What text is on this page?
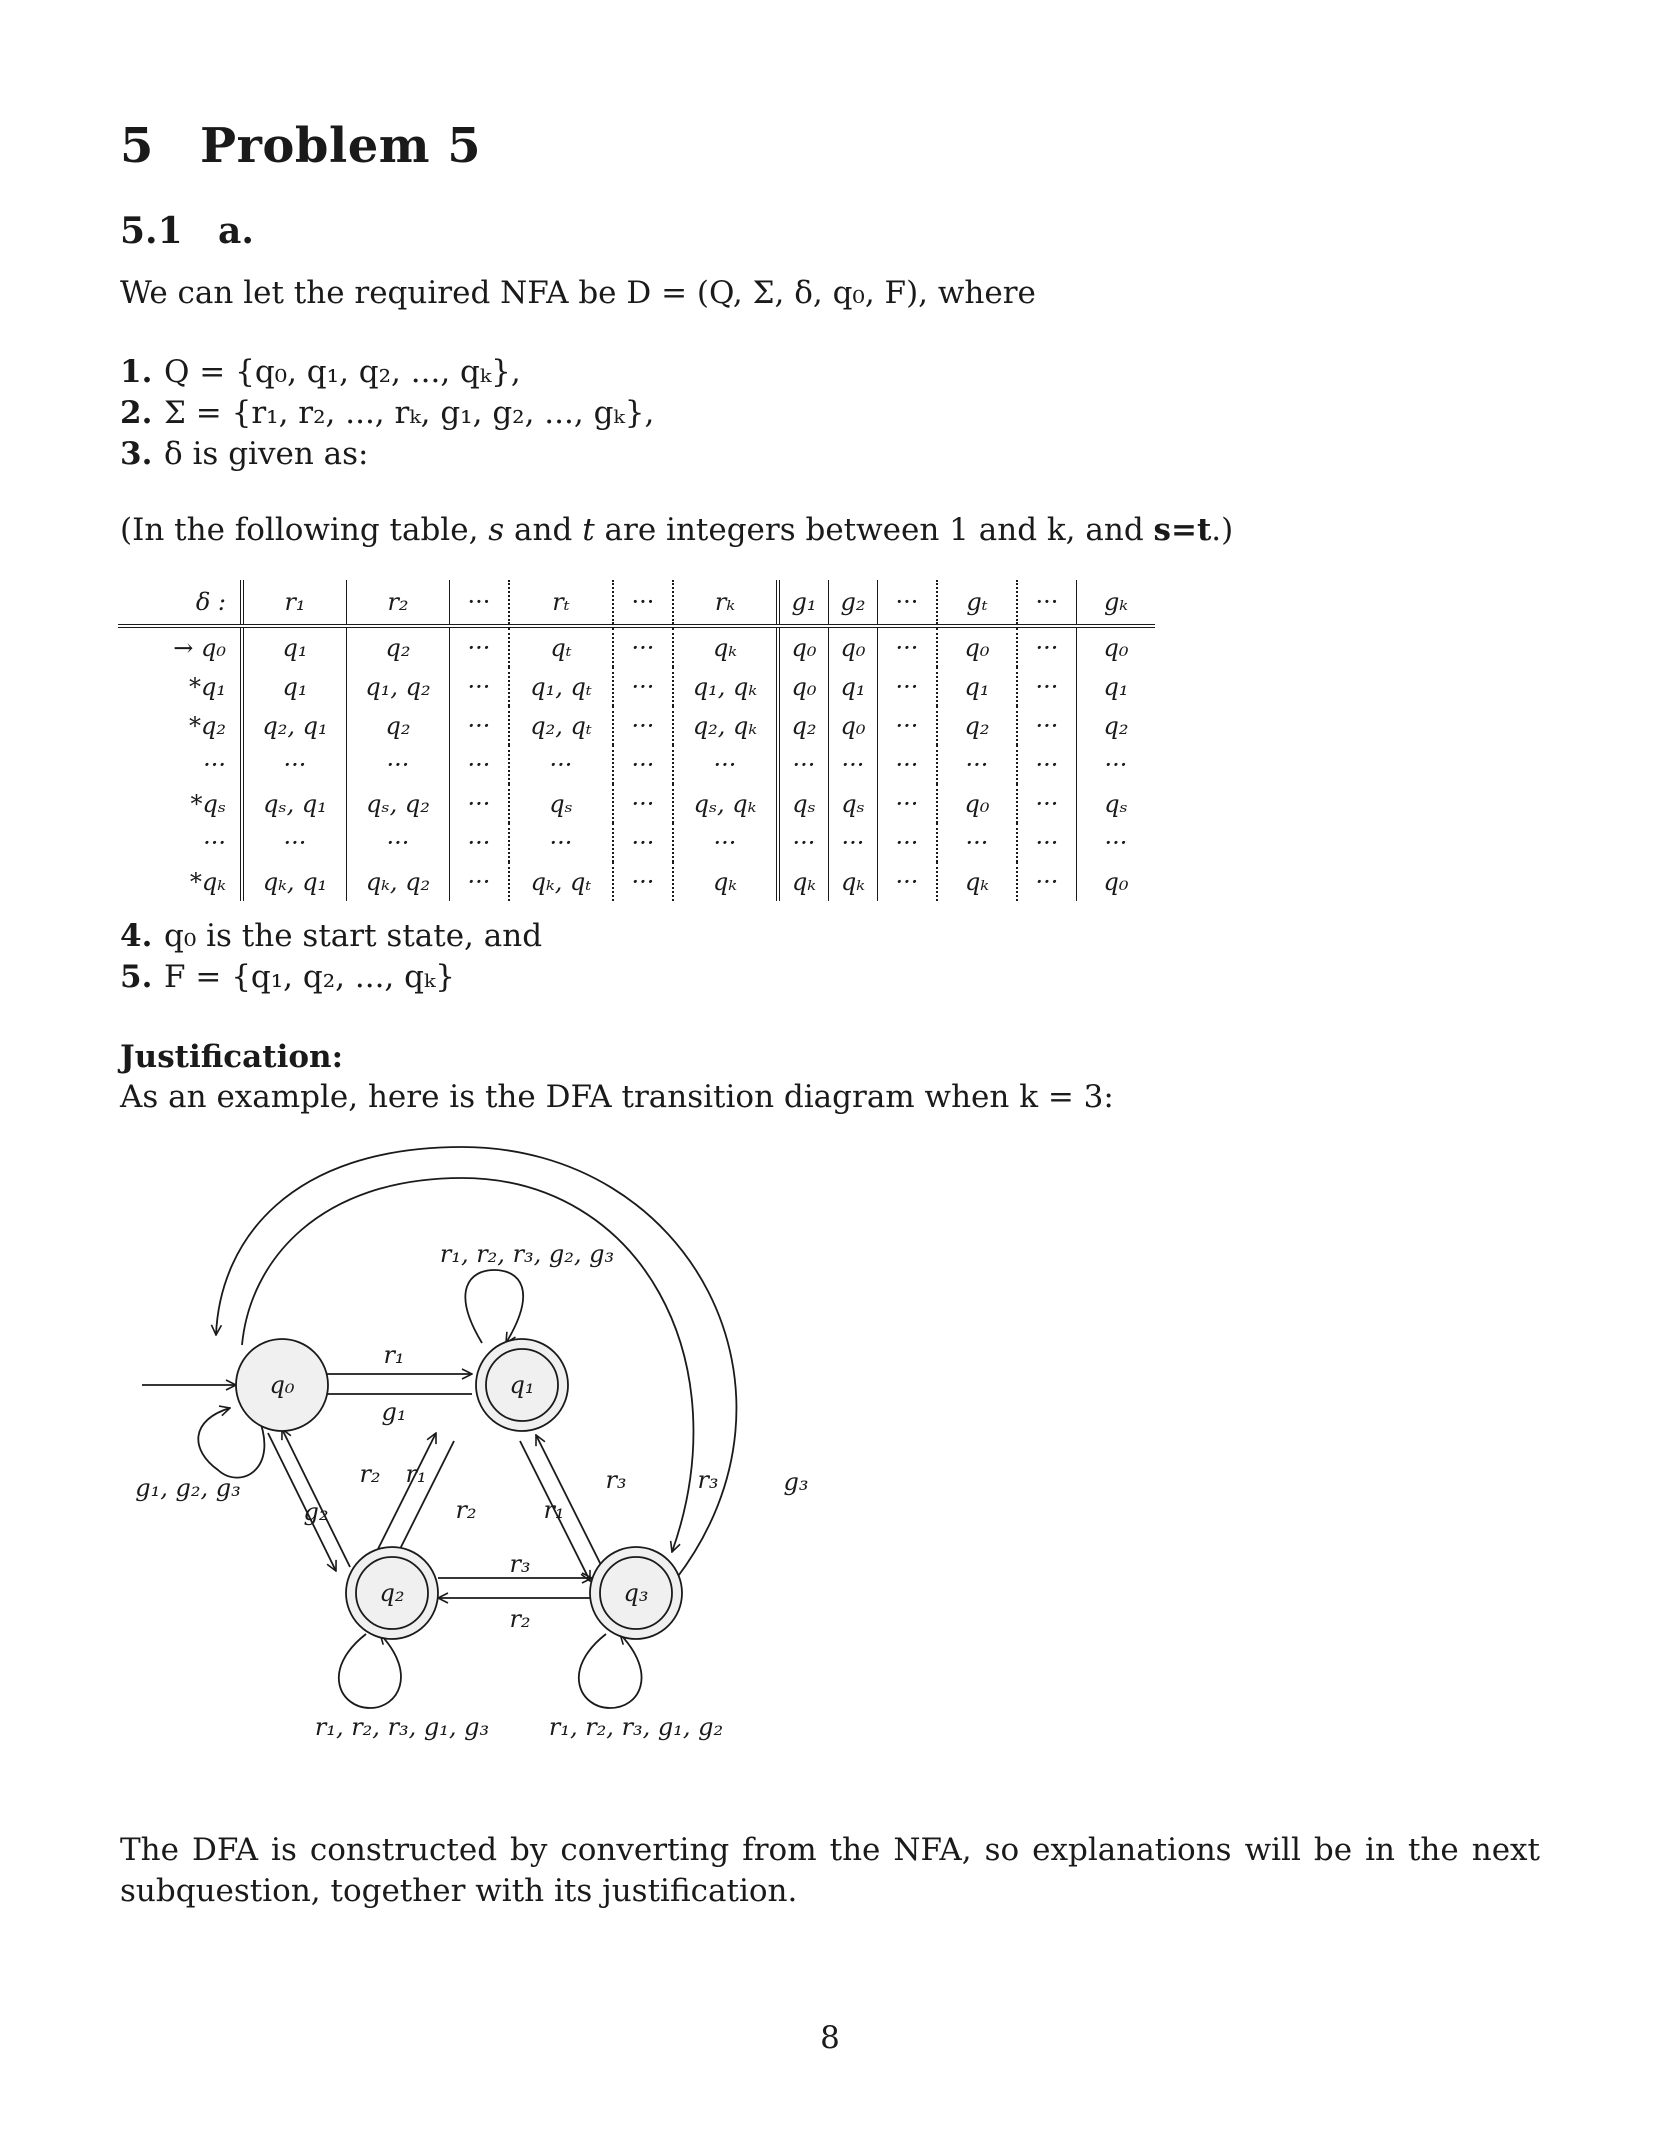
5 Problem 5
5.1 a.
We can let the required NFA be D = (Q, Σ, δ, q₀, F), where
1. Q = {q₀, q₁, q₂, ..., qₖ},
2. Σ = {r₁, r₂, ..., rₖ, g₁, g₂, ..., gₖ},
3. δ is given as:
(In the following table, s and t are integers between 1 and k, and s=t.)
δ :	r₁	r₂	···	rₜ	···	rₖ	g₁	g₂	···	gₜ	···	gₖ
→ q₀	q₁	q₂	···	qₜ	···	qₖ	q₀	q₀	···	q₀	···	q₀
*q₁	q₁	q₁, q₂	···	q₁, qₜ	···	q₁, qₖ	q₀	q₁	···	q₁	···	q₁
*q₂	q₂, q₁	q₂	···	q₂, qₜ	···	q₂, qₖ	q₂	q₀	···	q₂	···	q₂
···	···	···	···	···	···	···	···	···	···	···	···	···
*qₛ	qₛ, q₁	qₛ, q₂	···	qₛ	···	qₛ, qₖ	qₛ	qₛ	···	q₀	···	qₛ
···	···	···	···	···	···	···	···	···	···	···	···	···
*qₖ	qₖ, q₁	qₖ, q₂	···	qₖ, qₜ	···	qₖ	qₖ	qₖ	···	qₖ	···	q₀
4. q₀ is the start state, and
5. F = {q₁, q₂, ..., qₖ}
Justification:
As an example, here is the DFA transition diagram when k = 3:
q₀	q₁
q₂	q₃
r₁, r₂, r₃, g₂, g₃
g₁, g₂, g₃
r₁, r₂, r₃, g₁, g₃ r₁, r₂, r₃, g₁, g₂
r₁
g₁
r₂ r₁
g₂	r₂	r₁
r₃	r₃	g₃
r₃
r₂
The DFA is constructed by converting from the NFA, so explanations will be in the next subquestion, together with its justification.
8
